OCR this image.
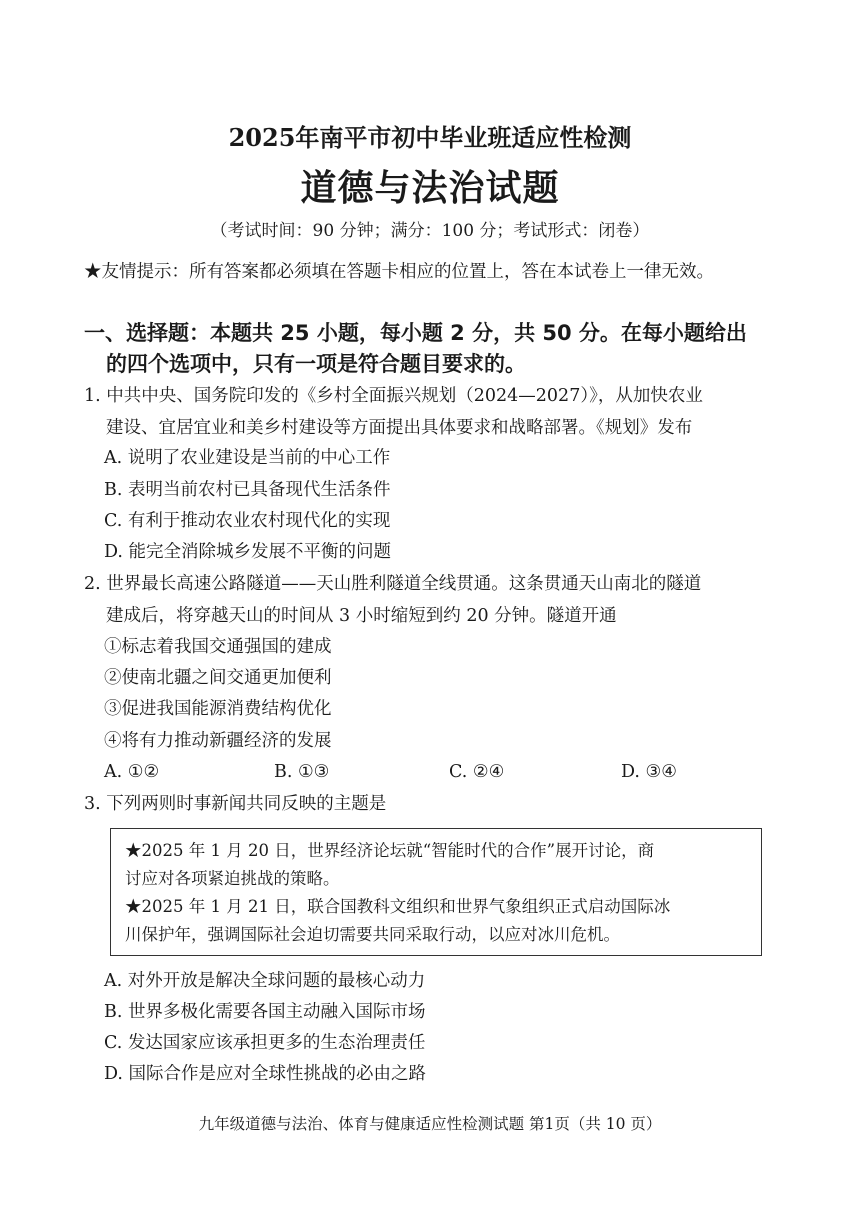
2025年南平市初中毕业班适应性检测
道德与法治试题
（考试时间：90 分钟；满分：100 分；考试形式：闭卷）
★友情提示：所有答案都必须填在答题卡相应的位置上，答在本试卷上一律无效。
一、选择题：本题共 25 小题，每小题 2 分，共 50 分。在每小题给出
的四个选项中，只有一项是符合题目要求的。
1. 中共中央、国务院印发的《乡村全面振兴规划（2024—2027）》，从加快农业
建设、宜居宜业和美乡村建设等方面提出具体要求和战略部署。《规划》发布
A. 说明了农业建设是当前的中心工作
B. 表明当前农村已具备现代生活条件
C. 有利于推动农业农村现代化的实现
D. 能完全消除城乡发展不平衡的问题
2. 世界最长高速公路隧道——天山胜利隧道全线贯通。这条贯通天山南北的隧道
建成后，将穿越天山的时间从 3 小时缩短到约 20 分钟。隧道开通
①标志着我国交通强国的建成
②使南北疆之间交通更加便利
③促进我国能源消费结构优化
④将有力推动新疆经济的发展
A. ①②	B. ①③	C. ②④	D. ③④
3. 下列两则时事新闻共同反映的主题是
★2025 年 1 月 20 日，世界经济论坛就“智能时代的合作”展开讨论，商
讨应对各项紧迫挑战的策略。
★2025 年 1 月 21 日，联合国教科文组织和世界气象组织正式启动国际冰
川保护年，强调国际社会迫切需要共同采取行动，以应对冰川危机。
A. 对外开放是解决全球问题的最核心动力
B. 世界多极化需要各国主动融入国际市场
C. 发达国家应该承担更多的生态治理责任
D. 国际合作是应对全球性挑战的必由之路
九年级道德与法治、体育与健康适应性检测试题 第1页（共 10 页）
